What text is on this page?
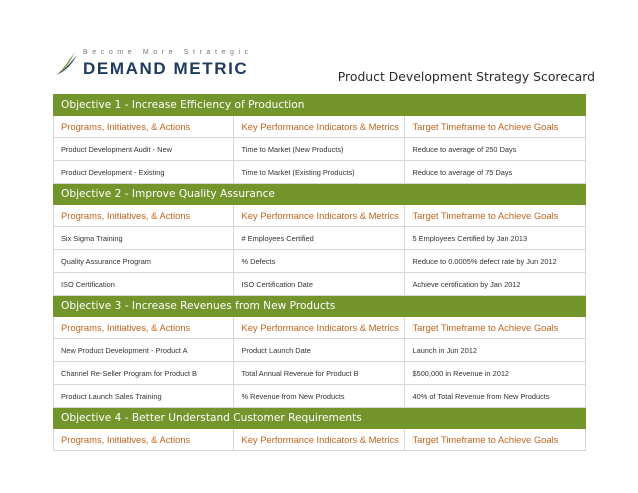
Become More Strategic
DEMAND METRIC	Product Development Strategy Scorecard
Objective 1 - Increase Efficiency of Production		
Programs, Initiatives, & Actions	Key Performance Indicators & Metrics	Target Timeframe to Achieve Goals
Product Development Audit - New	Time to Market (New Products)	Reduce to average of 250 Days
Product Development - Existing	Time to Market (Existing Products)	Reduce to average of 75 Days
Objective 2 - Improve Quality Assurance		
Programs, Initiatives, & Actions	Key Performance Indicators & Metrics	Target Timeframe to Achieve Goals
Six Sigma Training	# Employees Certified	5 Employees Certified by Jan 2013
Quality Assurance Program	% Defects	Reduce to 0.0005% defect rate by Jun 2012
ISO Certification	ISO Certification Date	Achieve certification by Jan 2012
Objective 3 - Increase Revenues from New Products		
Programs, Initiatives, & Actions	Key Performance Indicators & Metrics	Target Timeframe to Achieve Goals
New Product Development - Product A	Product Launch Date	Launch in Jun 2012
Channel Re-Seller Program for Product B	Total Annual Revenue for Product B	$500,000 in Revenue in 2012
Product Launch Sales Training	% Revenue from New Products	40% of Total Revenue from New Products
Objective 4 - Better Understand Customer Requirements		
Programs, Initiatives, & Actions	Key Performance Indicators & Metrics	Target Timeframe to Achieve Goals
